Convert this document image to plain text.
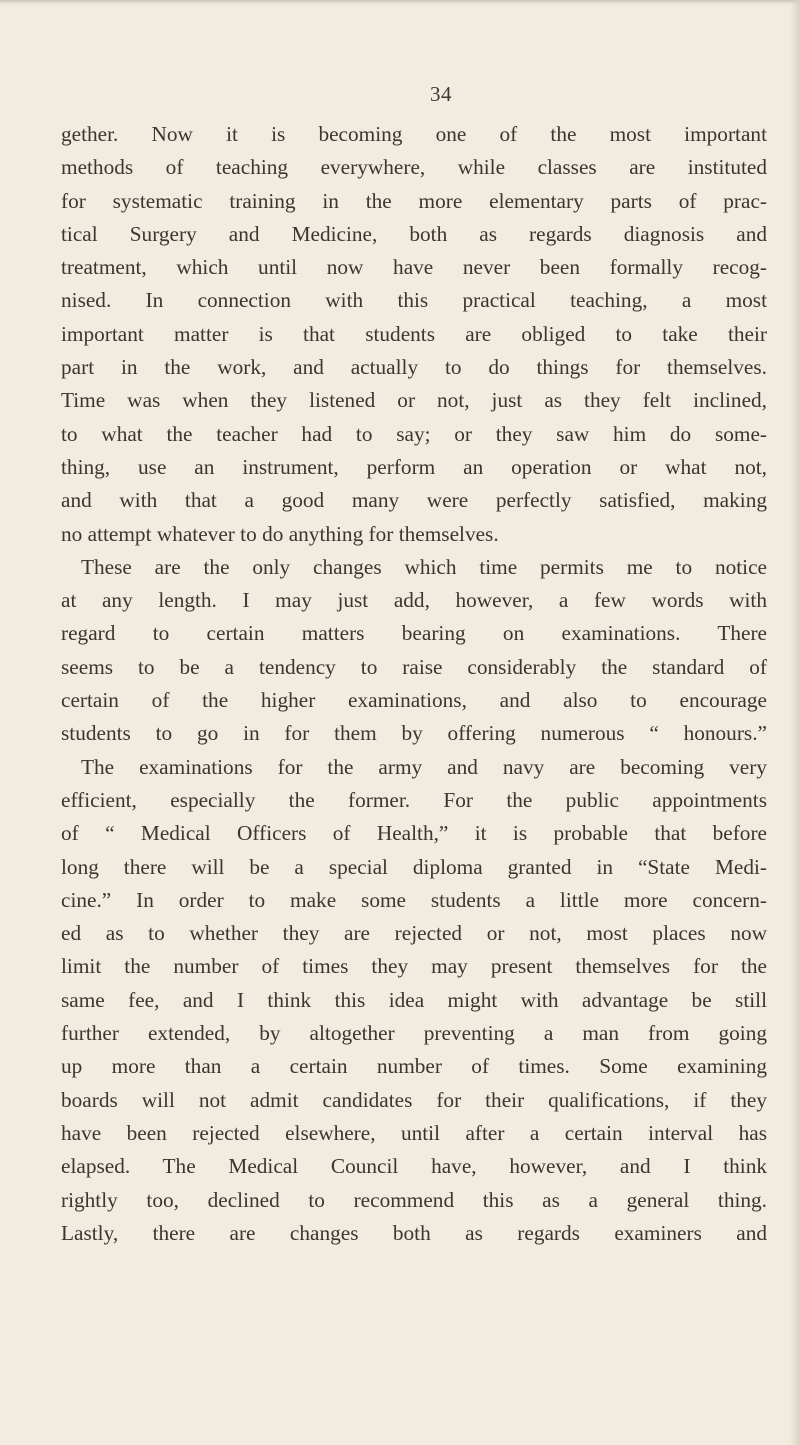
34
gether. Now it is becoming one of the most important
methods of teaching everywhere, while classes are instituted
for systematic training in the more elementary parts of prac-
tical Surgery and Medicine, both as regards diagnosis and
treatment, which until now have never been formally recog-
nised. In connection with this practical teaching, a most
important matter is that students are obliged to take their
part in the work, and actually to do things for themselves.
Time was when they listened or not, just as they felt inclined,
to what the teacher had to say; or they saw him do some-
thing, use an instrument, perform an operation or what not,
and with that a good many were perfectly satisfied, making
no attempt whatever to do anything for themselves.
These are the only changes which time permits me to notice
at any length. I may just add, however, a few words with
regard to certain matters bearing on examinations. There
seems to be a tendency to raise considerably the standard of
certain of the higher examinations, and also to encourage
students to go in for them by offering numerous “ honours.”
The examinations for the army and navy are becoming very
efficient, especially the former. For the public appointments
of “ Medical Officers of Health,” it is probable that before
long there will be a special diploma granted in “State Medi-
cine.” In order to make some students a little more concern-
ed as to whether they are rejected or not, most places now
limit the number of times they may present themselves for the
same fee, and I think this idea might with advantage be still
further extended, by altogether preventing a man from going
up more than a certain number of times. Some examining
boards will not admit candidates for their qualifications, if they
have been rejected elsewhere, until after a certain interval has
elapsed. The Medical Council have, however, and I think
rightly too, declined to recommend this as a general thing.
Lastly, there are changes both as regards examiners and
